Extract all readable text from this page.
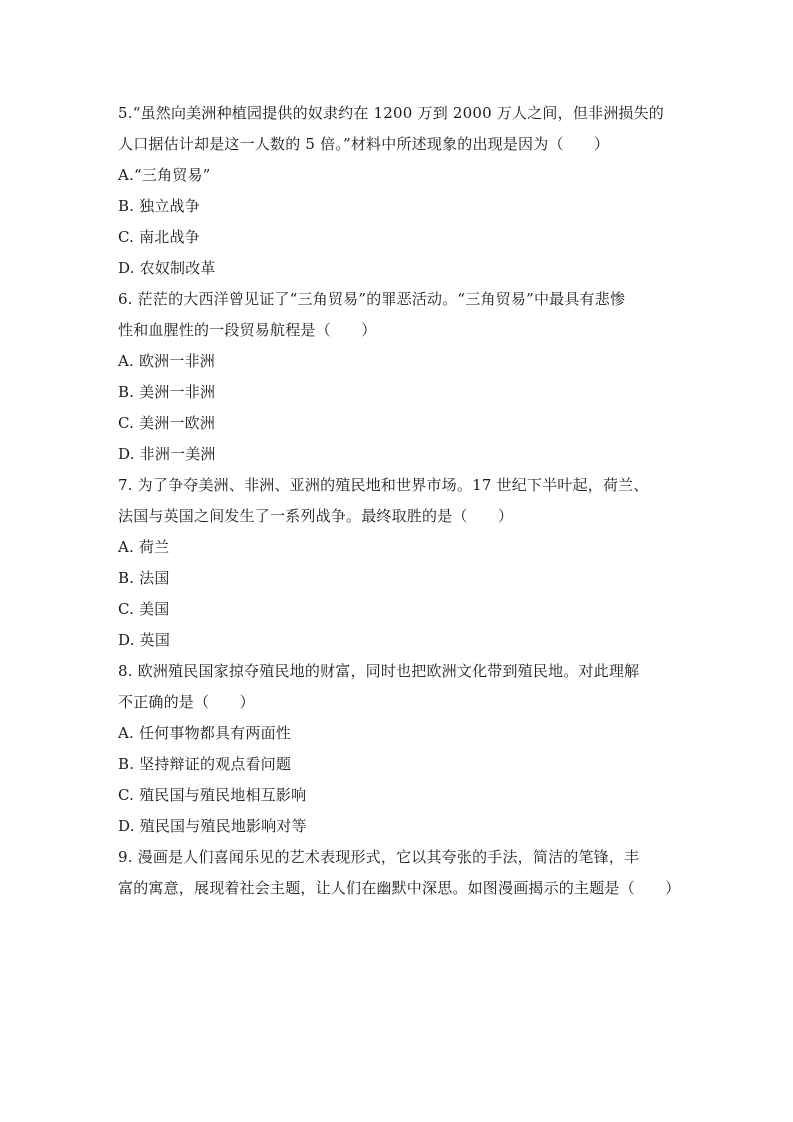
5.“虽然向美洲种植园提供的奴隶约在 1200 万到 2000 万人之间，但非洲损失的
人口据估计却是这一人数的 5 倍。”材料中所述现象的出现是因为（　　）
A.“三角贸易”
B. 独立战争
C. 南北战争
D. 农奴制改革
6. 茫茫的大西洋曾见证了“三角贸易”的罪恶活动。“三角贸易”中最具有悲惨
性和血腥性的一段贸易航程是（　　）
A. 欧洲一非洲
B. 美洲一非洲
C. 美洲一欧洲
D. 非洲一美洲
7. 为了争夺美洲、非洲、亚洲的殖民地和世界市场。17 世纪下半叶起，荷兰、
法国与英国之间发生了一系列战争。最终取胜的是（　　）
A. 荷兰
B. 法国
C. 美国
D. 英国
8. 欧洲殖民国家掠夺殖民地的财富，同时也把欧洲文化带到殖民地。对此理解
不正确的是（　　）
A. 任何事物都具有两面性
B. 坚持辩证的观点看问题
C. 殖民国与殖民地相互影响
D. 殖民国与殖民地影响对等
9. 漫画是人们喜闻乐见的艺术表现形式，它以其夸张的手法，简洁的笔锋，丰
富的寓意，展现着社会主题，让人们在幽默中深思。如图漫画揭示的主题是（　　）
